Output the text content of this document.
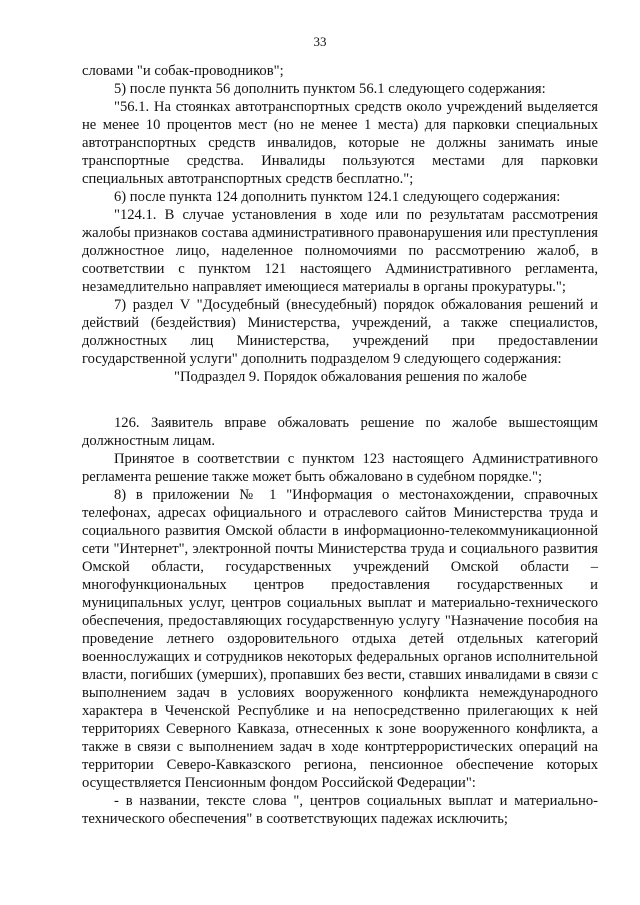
33

словами "и собак-проводников";

5) после пункта 56 дополнить пунктом 56.1 следующего содержания:

"56.1. На стоянках автотранспортных средств около учреждений выделяется не менее 10 процентов мест (но не менее 1 места) для парковки специальных автотранспортных средств инвалидов, которые не должны занимать иные транспортные средства. Инвалиды пользуются местами для парковки специальных автотранспортных средств бесплатно.";

6) после пункта 124 дополнить пунктом 124.1 следующего содержания:

"124.1. В случае установления в ходе или по результатам рассмотрения жалобы признаков состава административного правонарушения или преступления должностное лицо, наделенное полномочиями по рассмотрению жалоб, в соответствии с пунктом 121 настоящего Административного регламента, незамедлительно направляет имеющиеся материалы в органы прокуратуры.";

7) раздел V "Досудебный (внесудебный) порядок обжалования решений и действий (бездействия) Министерства, учреждений, а также специалистов, должностных лиц Министерства, учреждений при предоставлении государственной услуги" дополнить подразделом 9 следующего содержания:

"Подраздел 9. Порядок обжалования решения по жалобе

126. Заявитель вправе обжаловать решение по жалобе вышестоящим должностным лицам.

Принятое в соответствии с пунктом 123 настоящего Административного регламента решение также может быть обжаловано в судебном порядке.";

8) в приложении № 1 "Информация о местонахождении, справочных телефонах, адресах официального и отраслевого сайтов Министерства труда и социального развития Омской области в информационно-телекоммуникационной сети "Интернет", электронной почты Министерства труда и социального развития Омской области, государственных учреждений Омской области – многофункциональных центров предоставления государственных и муниципальных услуг, центров социальных выплат и материально-технического обеспечения, предоставляющих государственную услугу "Назначение пособия на проведение летнего оздоровительного отдыха детей отдельных категорий военнослужащих и сотрудников некоторых федеральных органов исполнительной власти, погибших (умерших), пропавших без вести, ставших инвалидами в связи с выполнением задач в условиях вооруженного конфликта немеждународного характера в Чеченской Республике и на непосредственно прилегающих к ней территориях Северного Кавказа, отнесенных к зоне вооруженного конфликта, а также в связи с выполнением задач в ходе контртеррористических операций на территории Северо-Кавказского региона, пенсионное обеспечение которых осуществляется Пенсионным фондом Российской Федерации":

- в названии, тексте слова ", центров социальных выплат и материально-технического обеспечения" в соответствующих падежах исключить;
